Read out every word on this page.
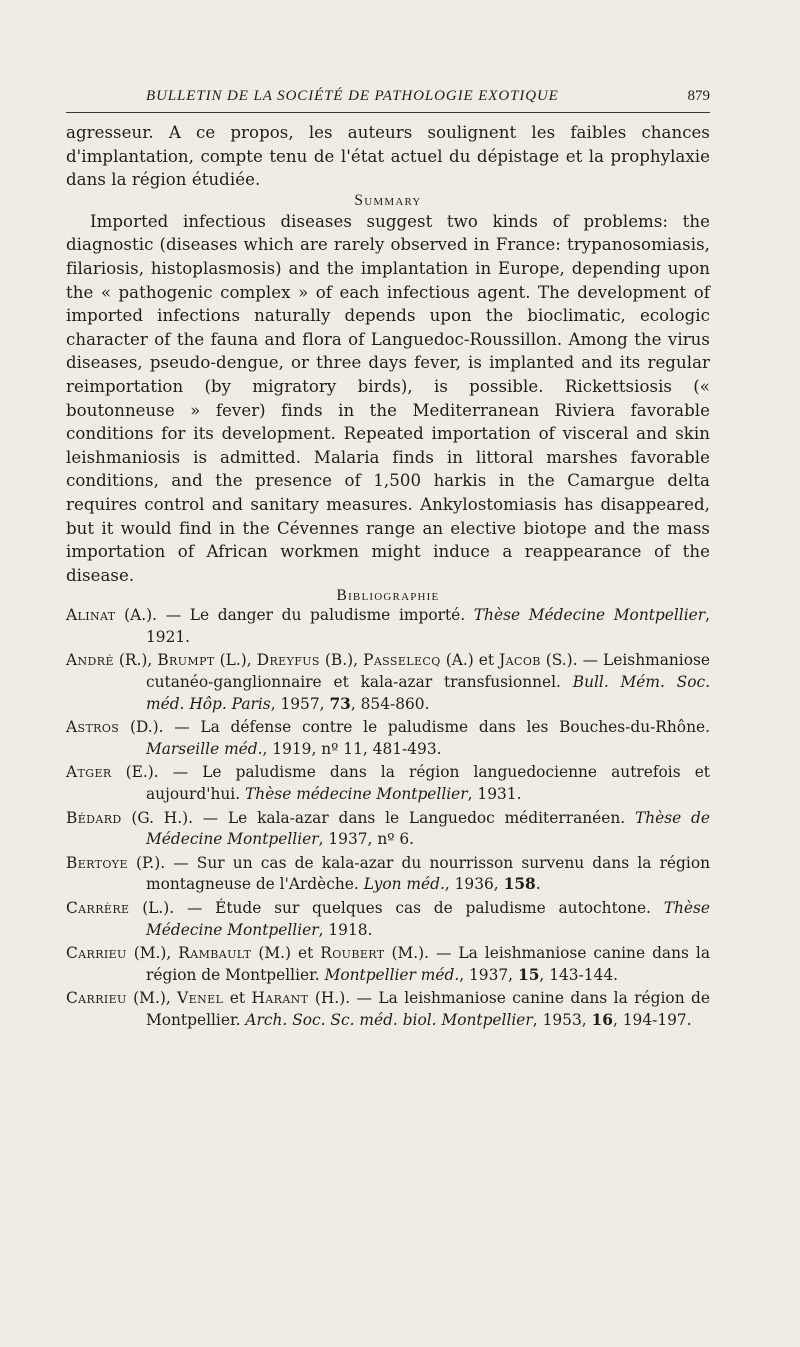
BULLETIN DE LA SOCIÉTÉ DE PATHOLOGIE EXOTIQUE	879

agresseur. A ce propos, les auteurs soulignent les faibles chances d'implantation, compte tenu de l'état actuel du dépistage et la prophylaxie dans la région étudiée.

Summary

Imported infectious diseases suggest two kinds of problems: the diagnostic (diseases which are rarely observed in France: trypanosomiasis, filariosis, histoplasmosis) and the implantation in Europe, depending upon the « pathogenic complex » of each infectious agent. The development of imported infections naturally depends upon the bioclimatic, ecologic character of the fauna and flora of Languedoc-Roussillon. Among the virus diseases, pseudo-dengue, or three days fever, is implanted and its regular reimportation (by migratory birds), is possible. Rickettsiosis (« boutonneuse » fever) finds in the Mediterranean Riviera favorable conditions for its development. Repeated importation of visceral and skin leishmaniosis is admitted. Malaria finds in littoral marshes favorable conditions, and the presence of 1,500 harkis in the Camargue delta requires control and sanitary measures. Ankylostomiasis has disappeared, but it would find in the Cévennes range an elective biotope and the mass importation of African workmen might induce a reappearance of the disease.

Bibliographie

Alinat (A.). — Le danger du paludisme importé. Thèse Médecine Montpellier, 1921.

André (R.), Brumpt (L.), Dreyfus (B.), Passelecq (A.) et Jacob (S.). — Leishmaniose cutanéo-ganglionnaire et kala-azar transfusionnel. Bull. Mém. Soc. méd. Hôp. Paris, 1957, 73, 854-860.

Astros (D.). — La défense contre le paludisme dans les Bouches-du-Rhône. Marseille méd., 1919, nº 11, 481-493.

Atger (E.). — Le paludisme dans la région languedocienne autrefois et aujourd'hui. Thèse médecine Montpellier, 1931.

Bédard (G. H.). — Le kala-azar dans le Languedoc méditerranéen. Thèse de Médecine Montpellier, 1937, nº 6.

Bertoye (P.). — Sur un cas de kala-azar du nourrisson survenu dans la région montagneuse de l'Ardèche. Lyon méd., 1936, 158.

Carrère (L.). — Étude sur quelques cas de paludisme autochtone. Thèse Médecine Montpellier, 1918.

Carrieu (M.), Rambault (M.) et Roubert (M.). — La leishmaniose canine dans la région de Montpellier. Montpellier méd., 1937, 15, 143-144.

Carrieu (M.), Venel et Harant (H.). — La leishmaniose canine dans la région de Montpellier. Arch. Soc. Sc. méd. biol. Montpellier, 1953, 16, 194-197.
